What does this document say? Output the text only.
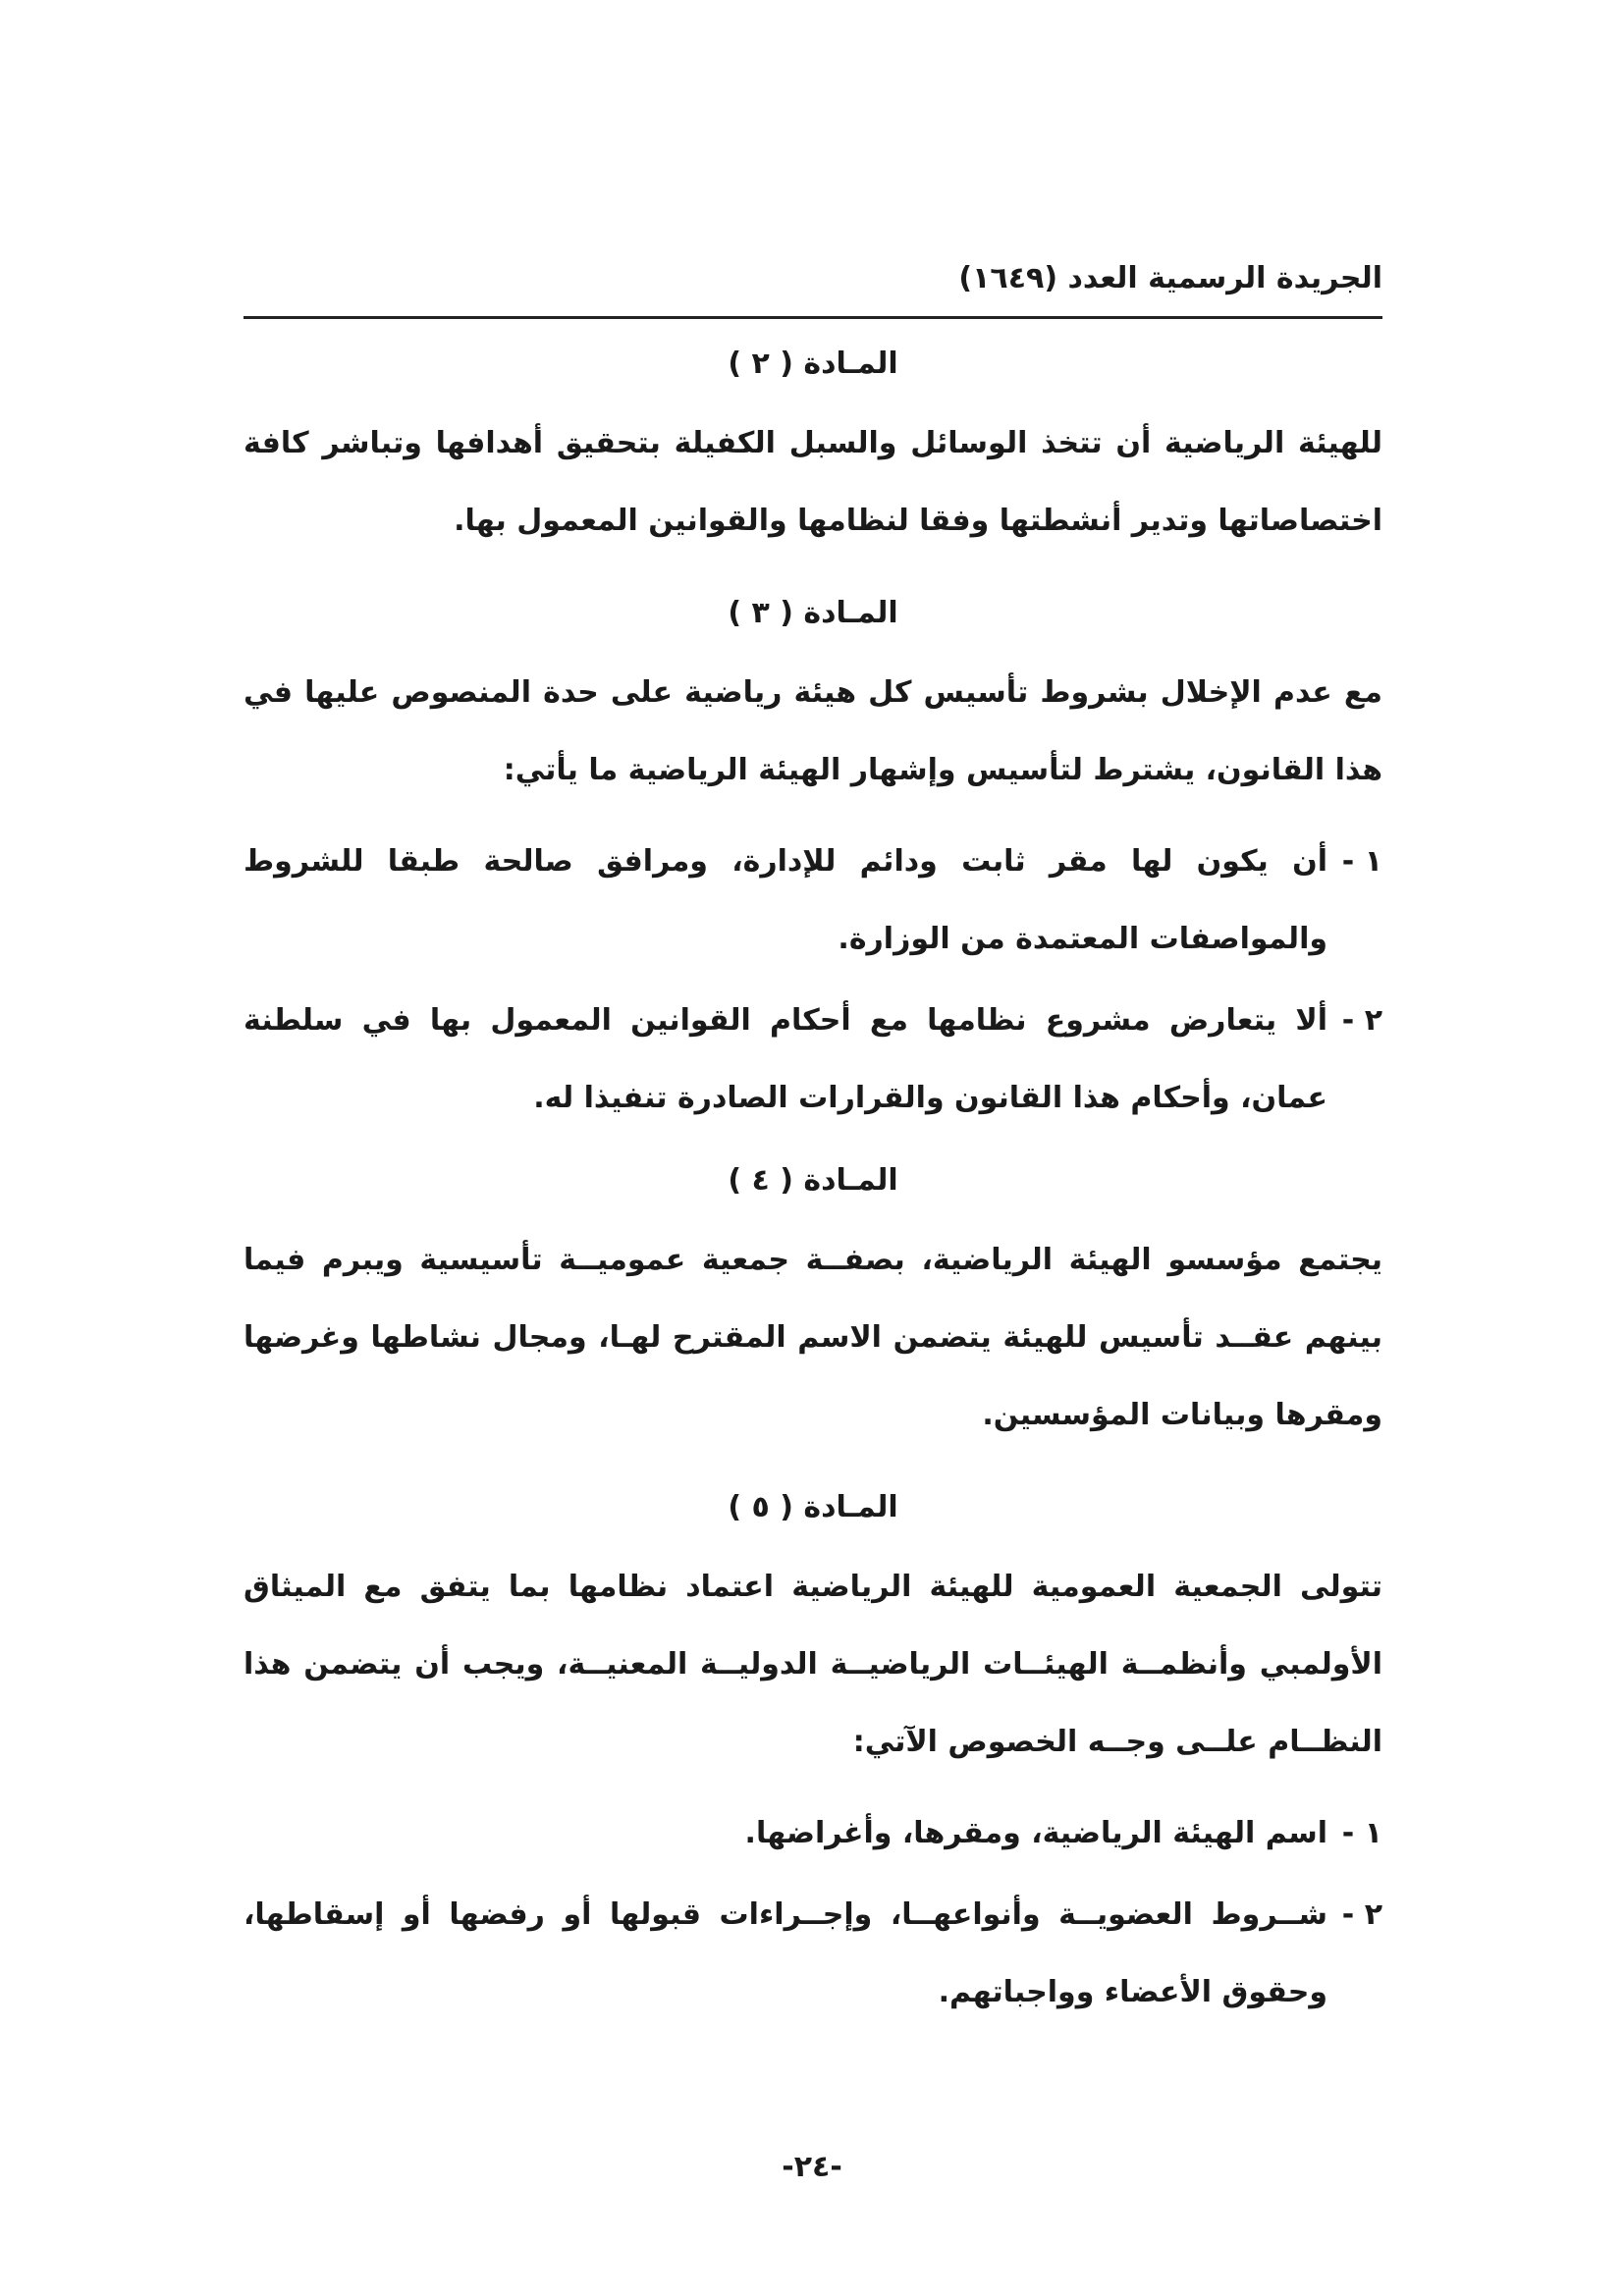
الجريدة الرسمية العدد (١٦٤٩)
المـادة ( ٢ )

للهيئة الرياضية أن تتخذ الوسائل والسبل الكفيلة بتحقيق أهدافها وتباشر كافة اختصاصاتها وتدير أنشطتها وفقا لنظامها والقوانين المعمول بها.

المـادة ( ٣ )

مع عدم الإخلال بشروط تأسيس كل هيئة رياضية على حدة المنصوص عليها في هذا القانون، يشترط لتأسيس وإشهار الهيئة الرياضية ما يأتي:

١ -
أن يكون لها مقر ثابت ودائم للإدارة، ومرافق صالحة طبقا للشروط والمواصفات المعتمدة من الوزارة.
٢ -
ألا يتعارض مشروع نظامها مع أحكام القوانين المعمول بها في سلطنة عمان، وأحكام هذا القانون والقرارات الصادرة تنفيذا له.
المـادة ( ٤ )

يجتمع مؤسسو الهيئة الرياضية، بصفــة جمعية عموميــة تأسيسية ويبرم فيما بينهم عقــد تأسيس للهيئة يتضمن الاسم المقترح لهـا، ومجال نشاطها وغرضها ومقرها وبيانات المؤسسين.

المـادة ( ٥ )

تتولى الجمعية العمومية للهيئة الرياضية اعتماد نظامها بما يتفق مع الميثاق الأولمبي وأنظمــة الهيئــات الرياضيــة الدوليــة المعنيــة، ويجب أن يتضمن هذا النظــام علــى وجــه الخصوص الآتي:

١ -
اسم الهيئة الرياضية، ومقرها، وأغراضها.
٢ -
شــروط العضويــة وأنواعهــا، وإجــراءات قبولها أو رفضها أو إسقاطها، وحقوق الأعضاء وواجباتهم.
-٢٤-
